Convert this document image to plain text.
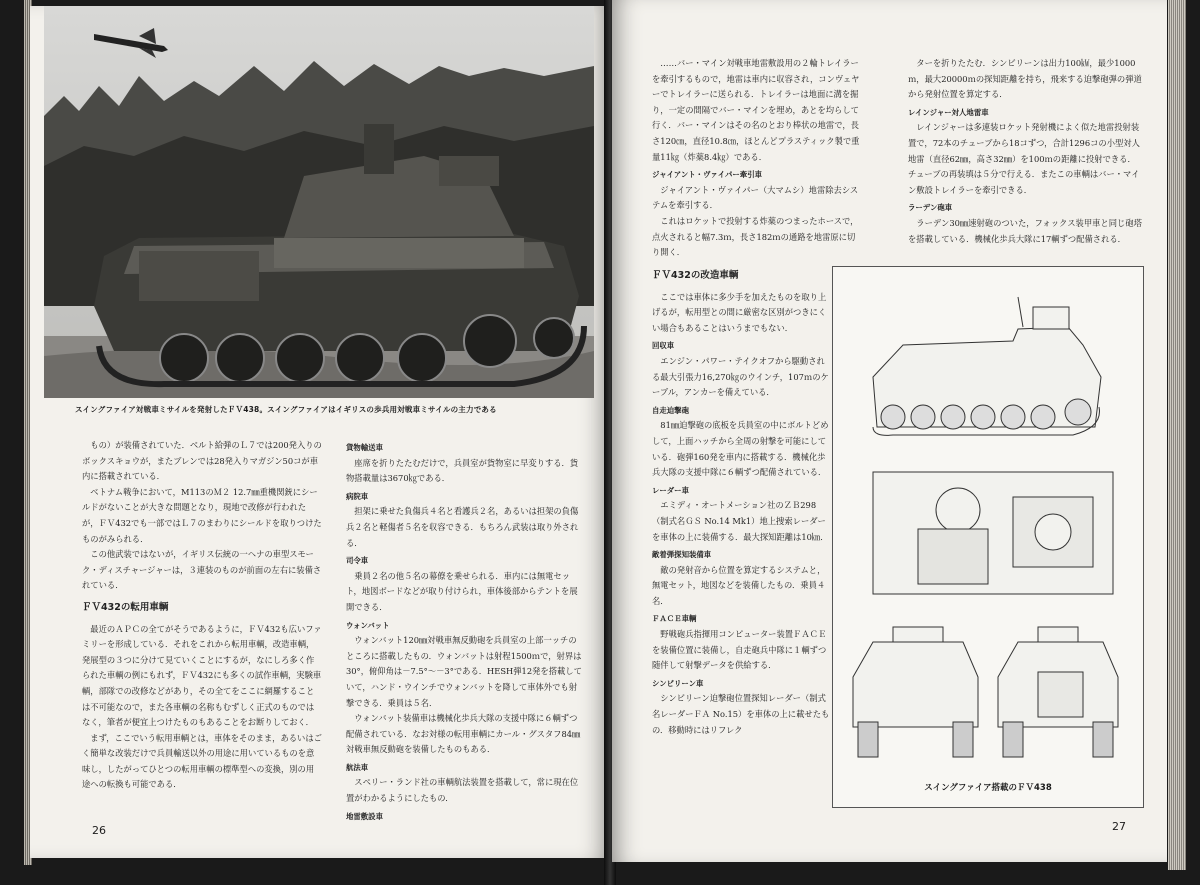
スイングファイア対戦車ミサイルを発射したＦＶ438。スイングファイアはイギリスの歩兵用対戦車ミサイルの主力である

もの）が装備されていた．ベルト給弾のＬ７では200発入りのボックスキョウが，またブレンでは28発入りマガジン50コが車内に搭載されている．

ベトナム戦争において，M113のＭ２ 12.7㎜重機関銃にシールドがないことが大きな問題となり，現地で改修が行われたが，ＦＶ432でも一部ではＬ７のまわりにシールドを取りつけたものがみられる．

この他武装ではないが，イギリス伝統の一ヘナの車型スモーク・ディスチャージャーは，３連装のものが前面の左右に装備されている．

ＦＶ432の転用車輌

最近のＡＰＣの全てがそうであるように，ＦＶ432も広いファミリーを形成している．それをこれから転用車輌，改造車輌，発展型の３つに分けて見ていくことにするが，なにしろ多く作られた車輌の例にもれず，ＦＶ432にも多くの試作車輌，実験車輌，部隊での改修などがあり，その全てをここに網羅することは不可能なので，また各車輌の名称もむずしく正式のものではなく，筆者が便宜上つけたものもあることをお断りしておく．

まず，ここでいう転用車輌とは，車体をそのまま，あるいはごく簡単な改装だけで兵員輸送以外の用途に用いているものを意味し，したがってひとつの転用車輌の標準型への変換，別の用途への転換も可能である．

貨物輸送車

座席を折りたたむだけで，兵員室が貨物室に早変りする．貨物搭載量は3670㎏である．

病院車

担架に乗せた負傷兵４名と看護兵２名，あるいは担架の負傷兵２名と軽傷者５名を収容できる．もちろん武装は取り外される．

司令車

乗員２名の他５名の幕僚を乗せられる．車内には無電セット，地図ボードなどが取り付けられ，車体後部からテントを展開できる．

ウォンバット

ウォンバット120㎜対戦車無反動砲を兵員室の上部一ッチのところに搭載したもの．ウォンバットは射程1500ｍで，射界は30°，俯仰角は－7.5°～－3°である．HESH弾12発を搭載していて，ハンド・ウインチでウォンバットを降して車体外でも射撃できる．乗員は５名．

ウォンバット装備車は機械化歩兵大隊の支援中隊に６輌ずつ配備されている．なお対様の転用車輌にカール・グスタフ84㎜対戦車無反動砲を装備したものもある．

航法車

スペリー・ランド社の車輌航法装置を搭載して，常に現在位置がわかるようにしたもの．

地雷敷設車

26

……バー・マイン対戦車地雷敷設用の２輪トレイラーを牽引するもので，地雷は車内に収容され，コンヴェヤーでトレイラーに送られる．トレイラーは地面に溝を掘り，一定の間隔でバー・マインを埋め，あとを均らして行く．バー・マインはその名のとおり棒状の地雷で，長さ120㎝，直径10.8㎝，ほとんどプラスティック製で重量11㎏（炸薬8.4㎏）である．

ジャイアント・ヴァイパー牽引車

ジャイアント・ヴァイパー（大マムシ）地雷除去システムを牽引する．

これはロケットで投射する炸薬のつまったホースで，点火されると幅7.3ｍ，長さ182ｍの通路を地雷原に切り開く．

ＦＶ432の改造車輌

ここでは車体に多少手を加えたものを取り上げるが，転用型との間に厳密な区別がつきにくい場合もあることはいうまでもない．

回収車

エンジン・パワー・テイクオフから駆動される最大引張力16,270㎏のウインチ，107ｍのケーブル，アンカーを備えている．

自走迫撃砲

81㎜迫撃砲の底板を兵員室の中にボルトどめして，上面ハッチから全周の射撃を可能にしている．砲弾160発を車内に搭載する．機械化歩兵大隊の支援中隊に６輌ずつ配備されている．

レーダー車

エミディ・オートメーション社のＺＢ298（制式名ＧＳ No.14 Mk1）地上捜索レーダーを車体の上に装備する．最大探知距離は10㎞．

敵着弾探知装備車

敵の発射音から位置を算定するシステムと，無電セット，地図などを装備したもの．乗員４名．

ＦＡＣＥ車輌

野戦砲兵指揮用コンピューター装置ＦＡＣＥを装備位置に装備し，自走砲兵中隊に１輌ずつ随伴して射撃データを供給する．

シンビリーン車

シンビリーン迫撃砲位置探知レーダー（制式名レーダーＦＡ No.15）を車体の上に載せたもの．移動時にはリフレク

ターを折りたたむ．シンビリーンは出力100㎾，最少1000ｍ，最大20000ｍの探知距離を持ち，飛来する迫撃砲弾の弾道から発射位置を算定する．

レインジャー対人地雷車

レインジャーは多連装ロケット発射機によく似た地雷投射装置で，72本のチューブから18コずつ，合計1296コの小型対人地雷（直径62㎜，高さ32㎜）を100ｍの距離に投射できる．チューブの再装填は５分で行える．またこの車輌はバー・マイン敷設トレイラーを牽引できる．

ラーデン砲車

ラーデン30㎜速射砲のついた，フォックス装甲車と同じ砲塔を搭載している．機械化歩兵大隊に17輌ずつ配備される．

スイングファイア搭載のＦＶ438
27
